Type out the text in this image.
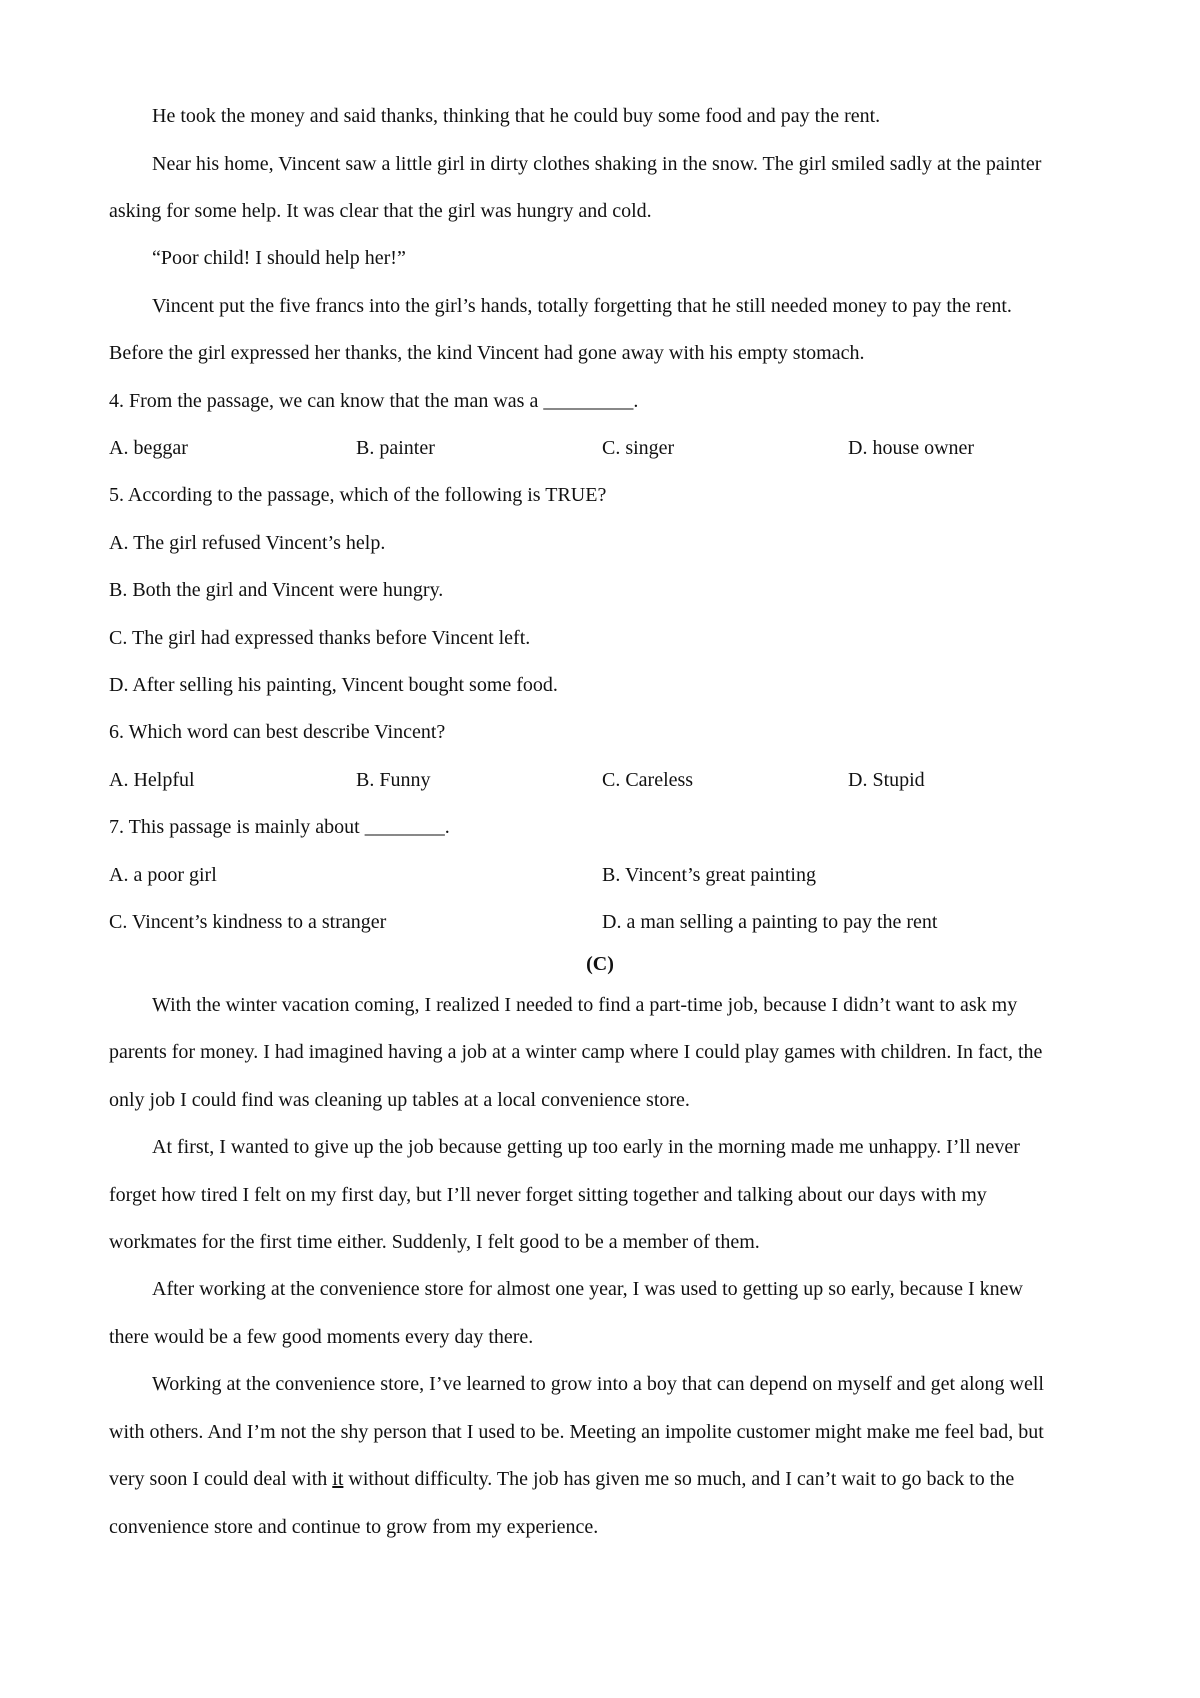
He took the money and said thanks, thinking that he could buy some food and pay the rent.
Near his home, Vincent saw a little girl in dirty clothes shaking in the snow. The girl smiled sadly at the painter
asking for some help. It was clear that the girl was hungry and cold.
“Poor child! I should help her!”
Vincent put the five francs into the girl’s hands, totally forgetting that he still needed money to pay the rent.
Before the girl expressed her thanks, the kind Vincent had gone away with his empty stomach.
4. From the passage, we can know that the man was a _________.
A. beggar	B. painter	C. singer	D. house owner
5. According to the passage, which of the following is TRUE?
A. The girl refused Vincent’s help.
B. Both the girl and Vincent were hungry.
C. The girl had expressed thanks before Vincent left.
D. After selling his painting, Vincent bought some food.
6. Which word can best describe Vincent?
A. Helpful	B. Funny	C. Careless	D. Stupid
7. This passage is mainly about ________.
A. a poor girl	B. Vincent’s great painting
C. Vincent’s kindness to a stranger	D. a man selling a painting to pay the rent
(C)
With the winter vacation coming, I realized I needed to find a part-time job, because I didn’t want to ask my
parents for money. I had imagined having a job at a winter camp where I could play games with children. In fact, the
only job I could find was cleaning up tables at a local convenience store.
At first, I wanted to give up the job because getting up too early in the morning made me unhappy. I’ll never
forget how tired I felt on my first day, but I’ll never forget sitting together and talking about our days with my
workmates for the first time either. Suddenly, I felt good to be a member of them.
After working at the convenience store for almost one year, I was used to getting up so early, because I knew
there would be a few good moments every day there.
Working at the convenience store, I’ve learned to grow into a boy that can depend on myself and get along well
with others. And I’m not the shy person that I used to be. Meeting an impolite customer might make me feel bad, but
very soon I could deal with it without difficulty. The job has given me so much, and I can’t wait to go back to the
convenience store and continue to grow from my experience.
